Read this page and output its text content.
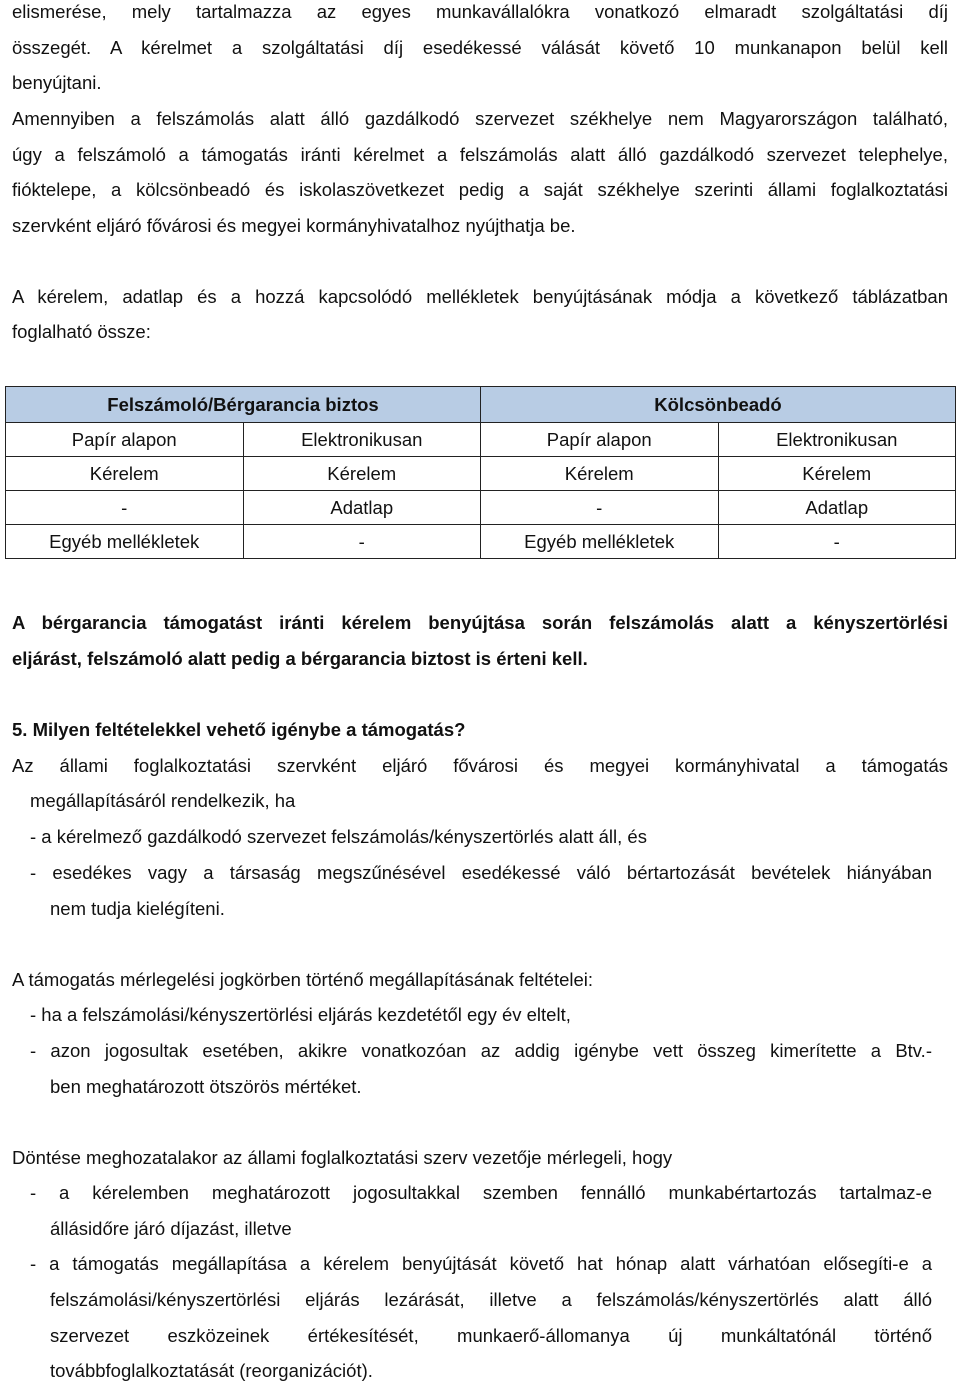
elismerése, mely tartalmazza az egyes munkavállalókra vonatkozó elmaradt szolgáltatási díj

összegét. A kérelmet a szolgáltatási díj esedékessé válását követő 10 munkanapon belül kell

benyújtani.

Amennyiben a felszámolás alatt álló gazdálkodó szervezet székhelye nem Magyarországon található,

úgy a felszámoló a támogatás iránti kérelmet a felszámolás alatt álló gazdálkodó szervezet telephelye,

fióktelepe, a kölcsönbeadó és iskolaszövetkezet pedig a saját székhelye szerinti állami foglalkoztatási

szervként eljáró fővárosi és megyei kormányhivatalhoz nyújthatja be.

A kérelem, adatlap és a hozzá kapcsolódó mellékletek benyújtásának módja a következő táblázatban

foglalható össze:

Felszámoló/Bérgarancia biztos		Kölcsönbeadó	
Papír alapon	Elektronikusan	Papír alapon	Elektronikusan
Kérelem	Kérelem	Kérelem	Kérelem
-	Adatlap	-	Adatlap
Egyéb mellékletek	-	Egyéb mellékletek	-

A bérgarancia támogatást iránti kérelem benyújtása során felszámolás alatt a kényszertörlési

eljárást, felszámoló alatt pedig a bérgarancia biztost is érteni kell.

5. Milyen feltételekkel vehető igénybe a támogatás?

Az állami foglalkoztatási szervként eljáró fővárosi és megyei kormányhivatal a támogatás

megállapításáról rendelkezik, ha

- a kérelmező gazdálkodó szervezet felszámolás/kényszertörlés alatt áll, és

- esedékes vagy a társaság megszűnésével esedékessé váló bértartozását bevételek hiányában

nem tudja kielégíteni.

A támogatás mérlegelési jogkörben történő megállapításának feltételei:

- ha a felszámolási/kényszertörlési eljárás kezdetétől egy év eltelt,

- azon jogosultak esetében, akikre vonatkozóan az addig igénybe vett összeg kimerítette a Btv.-

ben meghatározott ötszörös mértéket.

Döntése meghozatalakor az állami foglalkoztatási szerv vezetője mérlegeli, hogy

- a kérelemben meghatározott jogosultakkal szemben fennálló munkabértartozás tartalmaz-e

állásidőre járó díjazást, illetve

- a támogatás megállapítása a kérelem benyújtását követő hat hónap alatt várhatóan elősegíti-e a

felszámolási/kényszertörlési eljárás lezárását, illetve a felszámolás/kényszertörlés alatt álló

szervezet eszközeinek értékesítését, munkaerő-állomanya új munkáltatónál történő

továbbfoglalkoztatását (reorganizációt).
